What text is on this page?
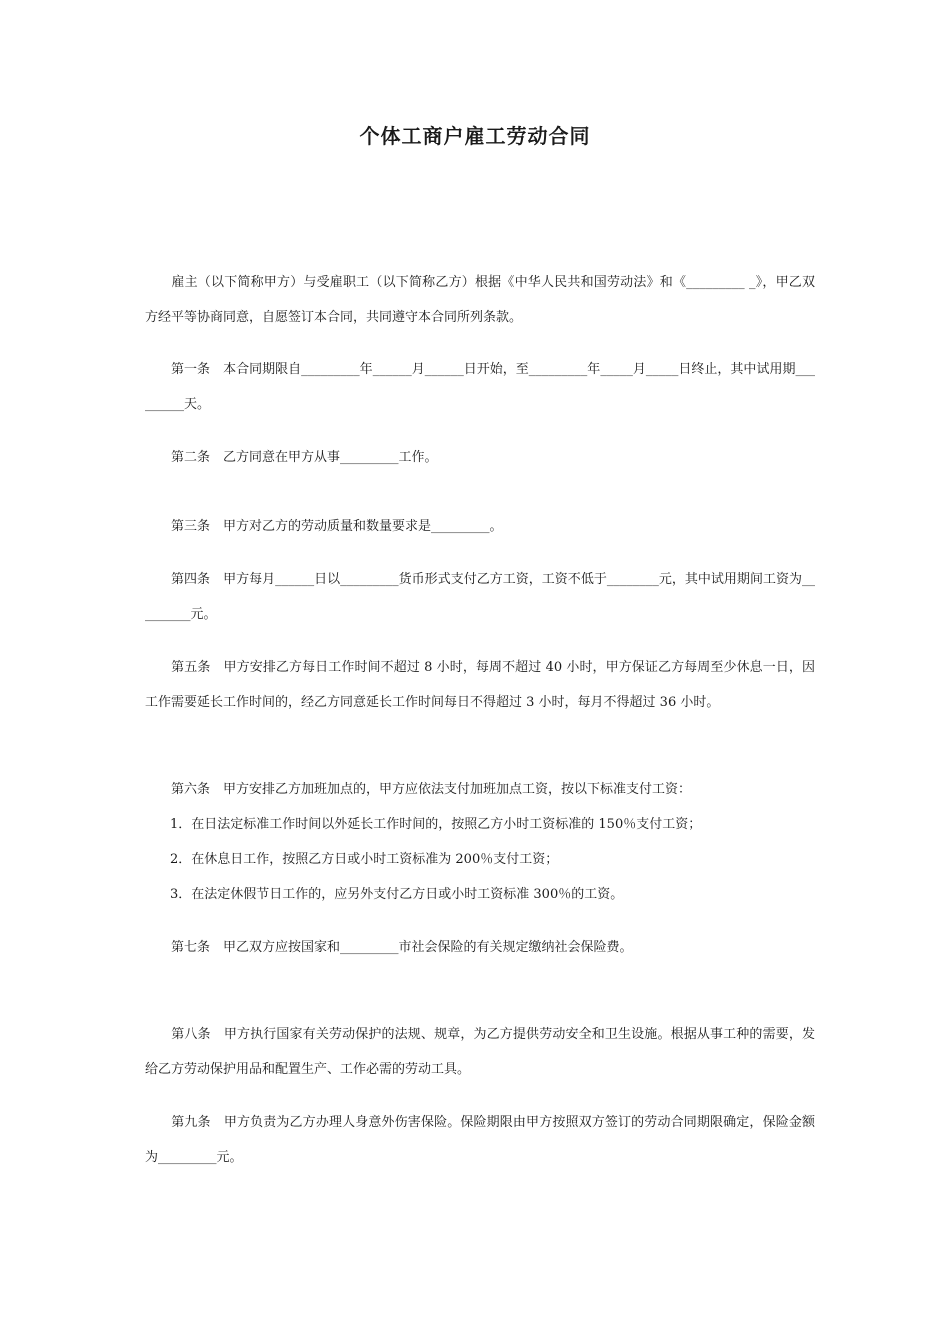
个体工商户雇工劳动合同
　　雇主（以下简称甲方）与受雇职工（以下简称乙方）根据《中华人民共和国劳动法》和《_________ _》，甲乙双方经平等协商同意，自愿签订本合同，共同遵守本合同所列条款。
　　第一条　本合同期限自_________年______月______日开始，至_________年_____月_____日终止，其中试用期_________天。
　　第二条　乙方同意在甲方从事_________工作。
　　第三条　甲方对乙方的劳动质量和数量要求是_________。
　　第四条　甲方每月______日以_________货币形式支付乙方工资，工资不低于________元，其中试用期间工资为_________元。
　　第五条　甲方安排乙方每日工作时间不超过 8 小时，每周不超过 40 小时，甲方保证乙方每周至少休息一日，因工作需要延长工作时间的，经乙方同意延长工作时间每日不得超过 3 小时，每月不得超过 36 小时。
　　第六条　甲方安排乙方加班加点的，甲方应依法支付加班加点工资，按以下标准支付工资：
1．在日法定标准工作时间以外延长工作时间的，按照乙方小时工资标准的 150％支付工资；
2．在休息日工作，按照乙方日或小时工资标准为 200％支付工资；
3．在法定休假节日工作的，应另外支付乙方日或小时工资标准 300％的工资。
　　第七条　甲乙双方应按国家和_________市社会保险的有关规定缴纳社会保险费。
　　第八条　甲方执行国家有关劳动保护的法规、规章，为乙方提供劳动安全和卫生设施。根据从事工种的需要，发给乙方劳动保护用品和配置生产、工作必需的劳动工具。
　　第九条　甲方负责为乙方办理人身意外伤害保险。保险期限由甲方按照双方签订的劳动合同期限确定，保险金额为_________元。
